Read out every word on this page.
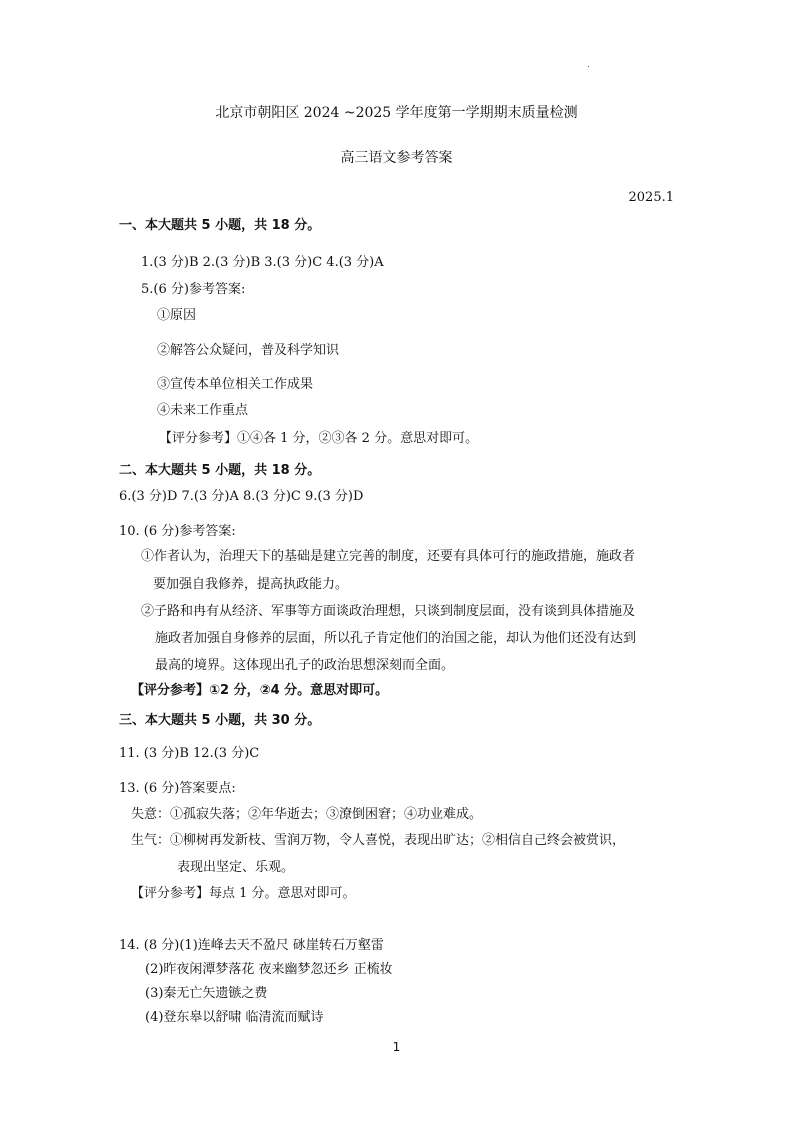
北京市朝阳区 2024 ~2025 学年度第一学期期末质量检测
高三语文参考答案
2025.1
一、本大题共 5 小题，共 18 分。
1.(3 分)B 2.(3 分)B 3.(3 分)C 4.(3 分)A
5.(6 分)参考答案:
①原因
②解答公众疑问，普及科学知识
③宣传本单位相关工作成果
④未来工作重点
【评分参考】①④各 1 分，②③各 2 分。意思对即可。
二、本大题共 5 小题，共 18 分。
6.(3 分)D 7.(3 分)A 8.(3 分)C 9.(3 分)D
10. (6 分)参考答案:
①作者认为，治理天下的基础是建立完善的制度，还要有具体可行的施政措施，施政者
要加强自我修养，提高执政能力。
②子路和冉有从经济、军事等方面谈政治理想，只谈到制度层面，没有谈到具体措施及
施政者加强自身修养的层面，所以孔子肯定他们的治国之能，却认为他们还没有达到
最高的境界。这体现出孔子的政治思想深刻而全面。
【评分参考】①2 分，②4 分。意思对即可。
三、本大题共 5 小题，共 30 分。
11. (3 分)B 12.(3 分)C
13. (6 分)答案要点:
失意：①孤寂失落；②年华逝去；③潦倒困窘；④功业难成。
生气：①柳树再发新枝、雪润万物，令人喜悦，表现出旷达；②相信自己终会被赏识，
表现出坚定、乐观。
【评分参考】每点 1 分。意思对即可。
14. (8 分)(1)连峰去天不盈尺 砯崖转石万壑雷
(2)昨夜闲潭梦落花 夜来幽梦忽还乡 正梳妆
(3)秦无亡矢遗镞之费
(4)登东皋以舒啸 临清流而赋诗
1
